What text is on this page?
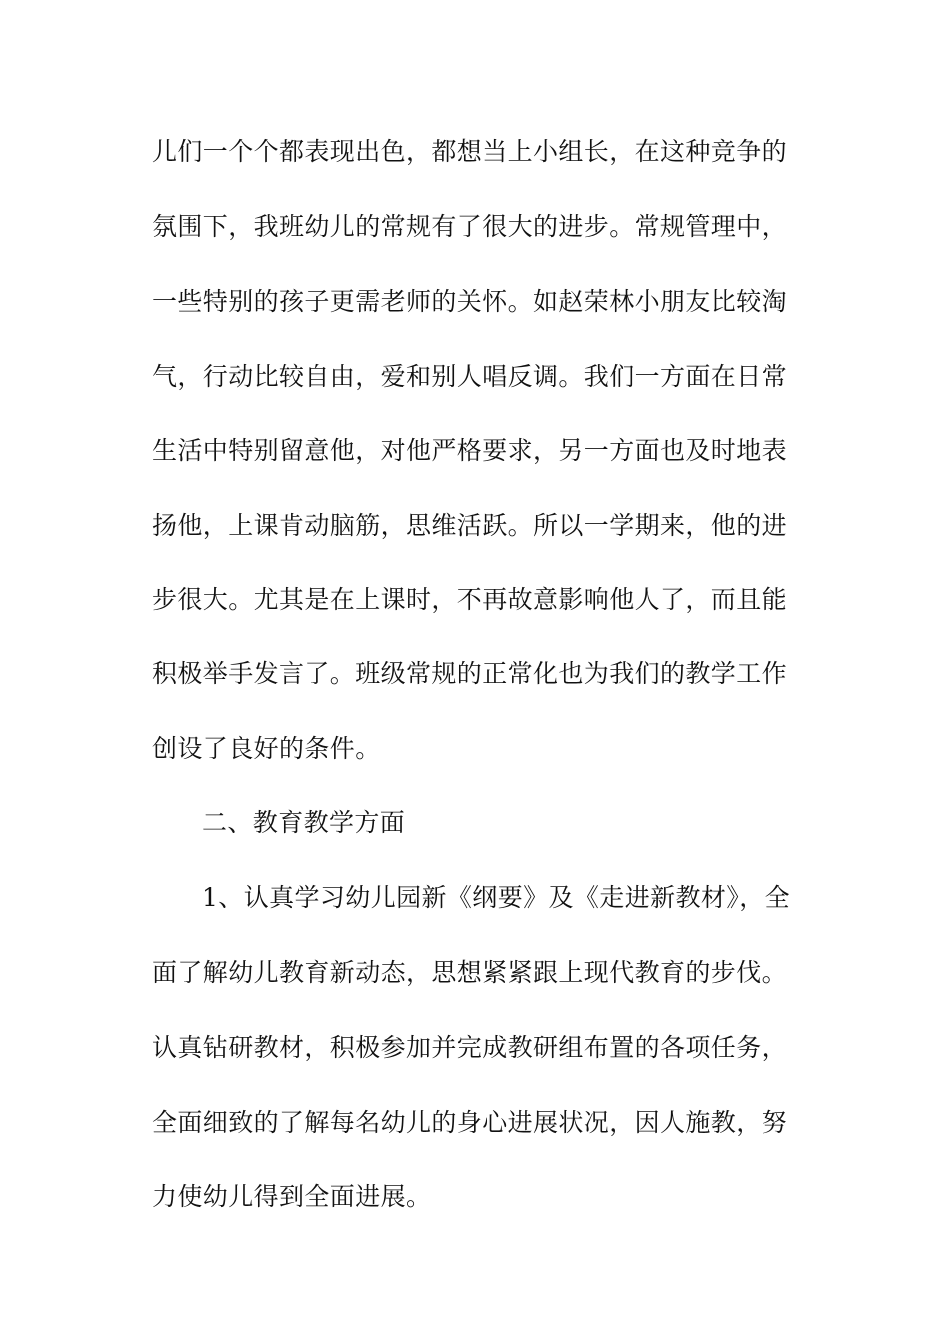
儿们一个个都表现出色，都想当上小组长，在这种竞争的
氛围下，我班幼儿的常规有了很大的进步。常规管理中，
一些特别的孩子更需老师的关怀。如赵荣林小朋友比较淘
气，行动比较自由，爱和别人唱反调。我们一方面在日常
生活中特别留意他，对他严格要求，另一方面也及时地表
扬他，上课肯动脑筋，思维活跃。所以一学期来，他的进
步很大。尤其是在上课时，不再故意影响他人了，而且能
积极举手发言了。班级常规的正常化也为我们的教学工作
创设了良好的条件。
二、教育教学方面
1、认真学习幼儿园新《纲要》及《走进新教材》，全
面了解幼儿教育新动态，思想紧紧跟上现代教育的步伐。
认真钻研教材，积极参加并完成教研组布置的各项任务，
全面细致的了解每名幼儿的身心进展状况，因人施教，努
力使幼儿得到全面进展。
